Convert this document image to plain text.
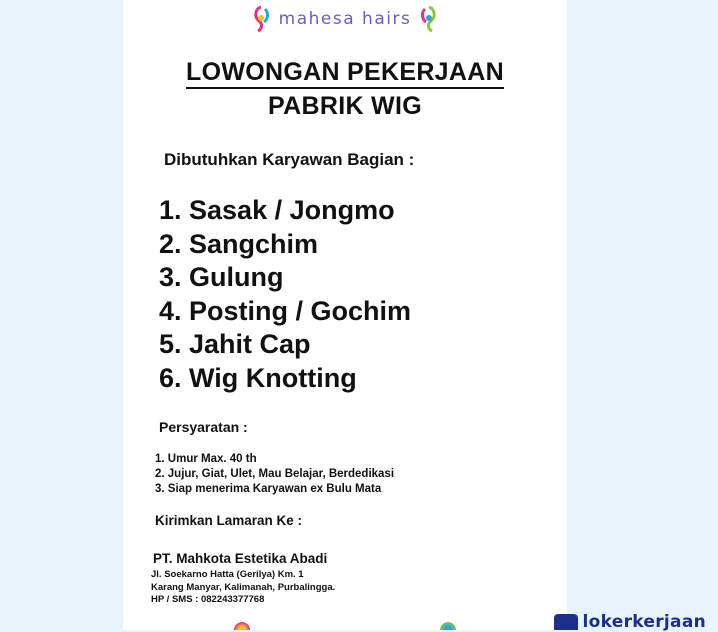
mahesa hairs
LOWONGAN PEKERJAAN
PABRIK WIG
Dibutuhkan Karyawan Bagian :
1. Sasak / Jongmo
2. Sangchim
3. Gulung
4. Posting / Gochim
5. Jahit Cap
6. Wig Knotting
Persyaratan :
1. Umur Max. 40 th
2. Jujur, Giat, Ulet, Mau Belajar, Berdedikasi
3. Siap menerima Karyawan ex Bulu Mata
Kirimkan Lamaran Ke :
PT. Mahkota Estetika Abadi
Jl. Soekarno Hatta (Gerilya) Km. 1
Karang Manyar, Kalimanah, Purbalingga.
HP / SMS : 082243377768
lokerkerjaan
